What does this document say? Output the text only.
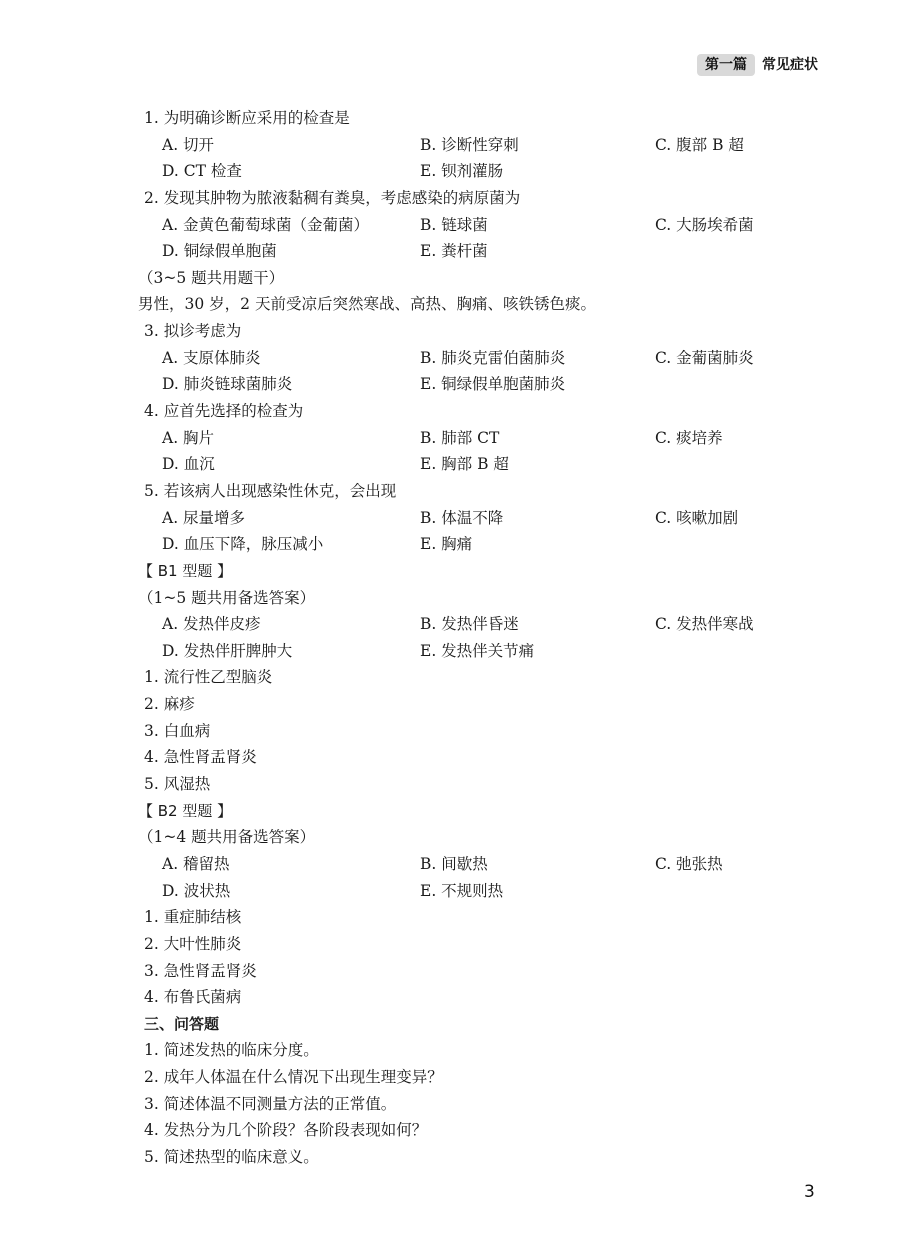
第一篇	常见症状
1. 为明确诊断应采用的检查是
A. 切开	B. 诊断性穿刺	C. 腹部 B 超
D. CT 检查	E. 钡剂灌肠
2. 发现其肿物为脓液黏稠有粪臭，考虑感染的病原菌为
A. 金黄色葡萄球菌（金葡菌）	B. 链球菌	C. 大肠埃希菌
D. 铜绿假单胞菌	E. 粪杆菌
（3~5 题共用题干）
男性，30 岁，2 天前受凉后突然寒战、高热、胸痛、咳铁锈色痰。
3. 拟诊考虑为
A. 支原体肺炎	B. 肺炎克雷伯菌肺炎	C. 金葡菌肺炎
D. 肺炎链球菌肺炎	E. 铜绿假单胞菌肺炎
4. 应首先选择的检查为
A. 胸片	B. 肺部 CT	C. 痰培养
D. 血沉	E. 胸部 B 超
5. 若该病人出现感染性休克，会出现
A. 尿量增多	B. 体温不降	C. 咳嗽加剧
D. 血压下降，脉压减小	E. 胸痛
【 B1 型题 】
（1~5 题共用备选答案）
A. 发热伴皮疹	B. 发热伴昏迷	C. 发热伴寒战
D. 发热伴肝脾肿大	E. 发热伴关节痛
1. 流行性乙型脑炎
2. 麻疹
3. 白血病
4. 急性肾盂肾炎
5. 风湿热
【 B2 型题 】
（1~4 题共用备选答案）
A. 稽留热	B. 间歇热	C. 弛张热
D. 波状热	E. 不规则热
1. 重症肺结核
2. 大叶性肺炎
3. 急性肾盂肾炎
4. 布鲁氏菌病
三、问答题
1. 简述发热的临床分度。
2. 成年人体温在什么情况下出现生理变异？
3. 简述体温不同测量方法的正常值。
4. 发热分为几个阶段？各阶段表现如何？
5. 简述热型的临床意义。
3
